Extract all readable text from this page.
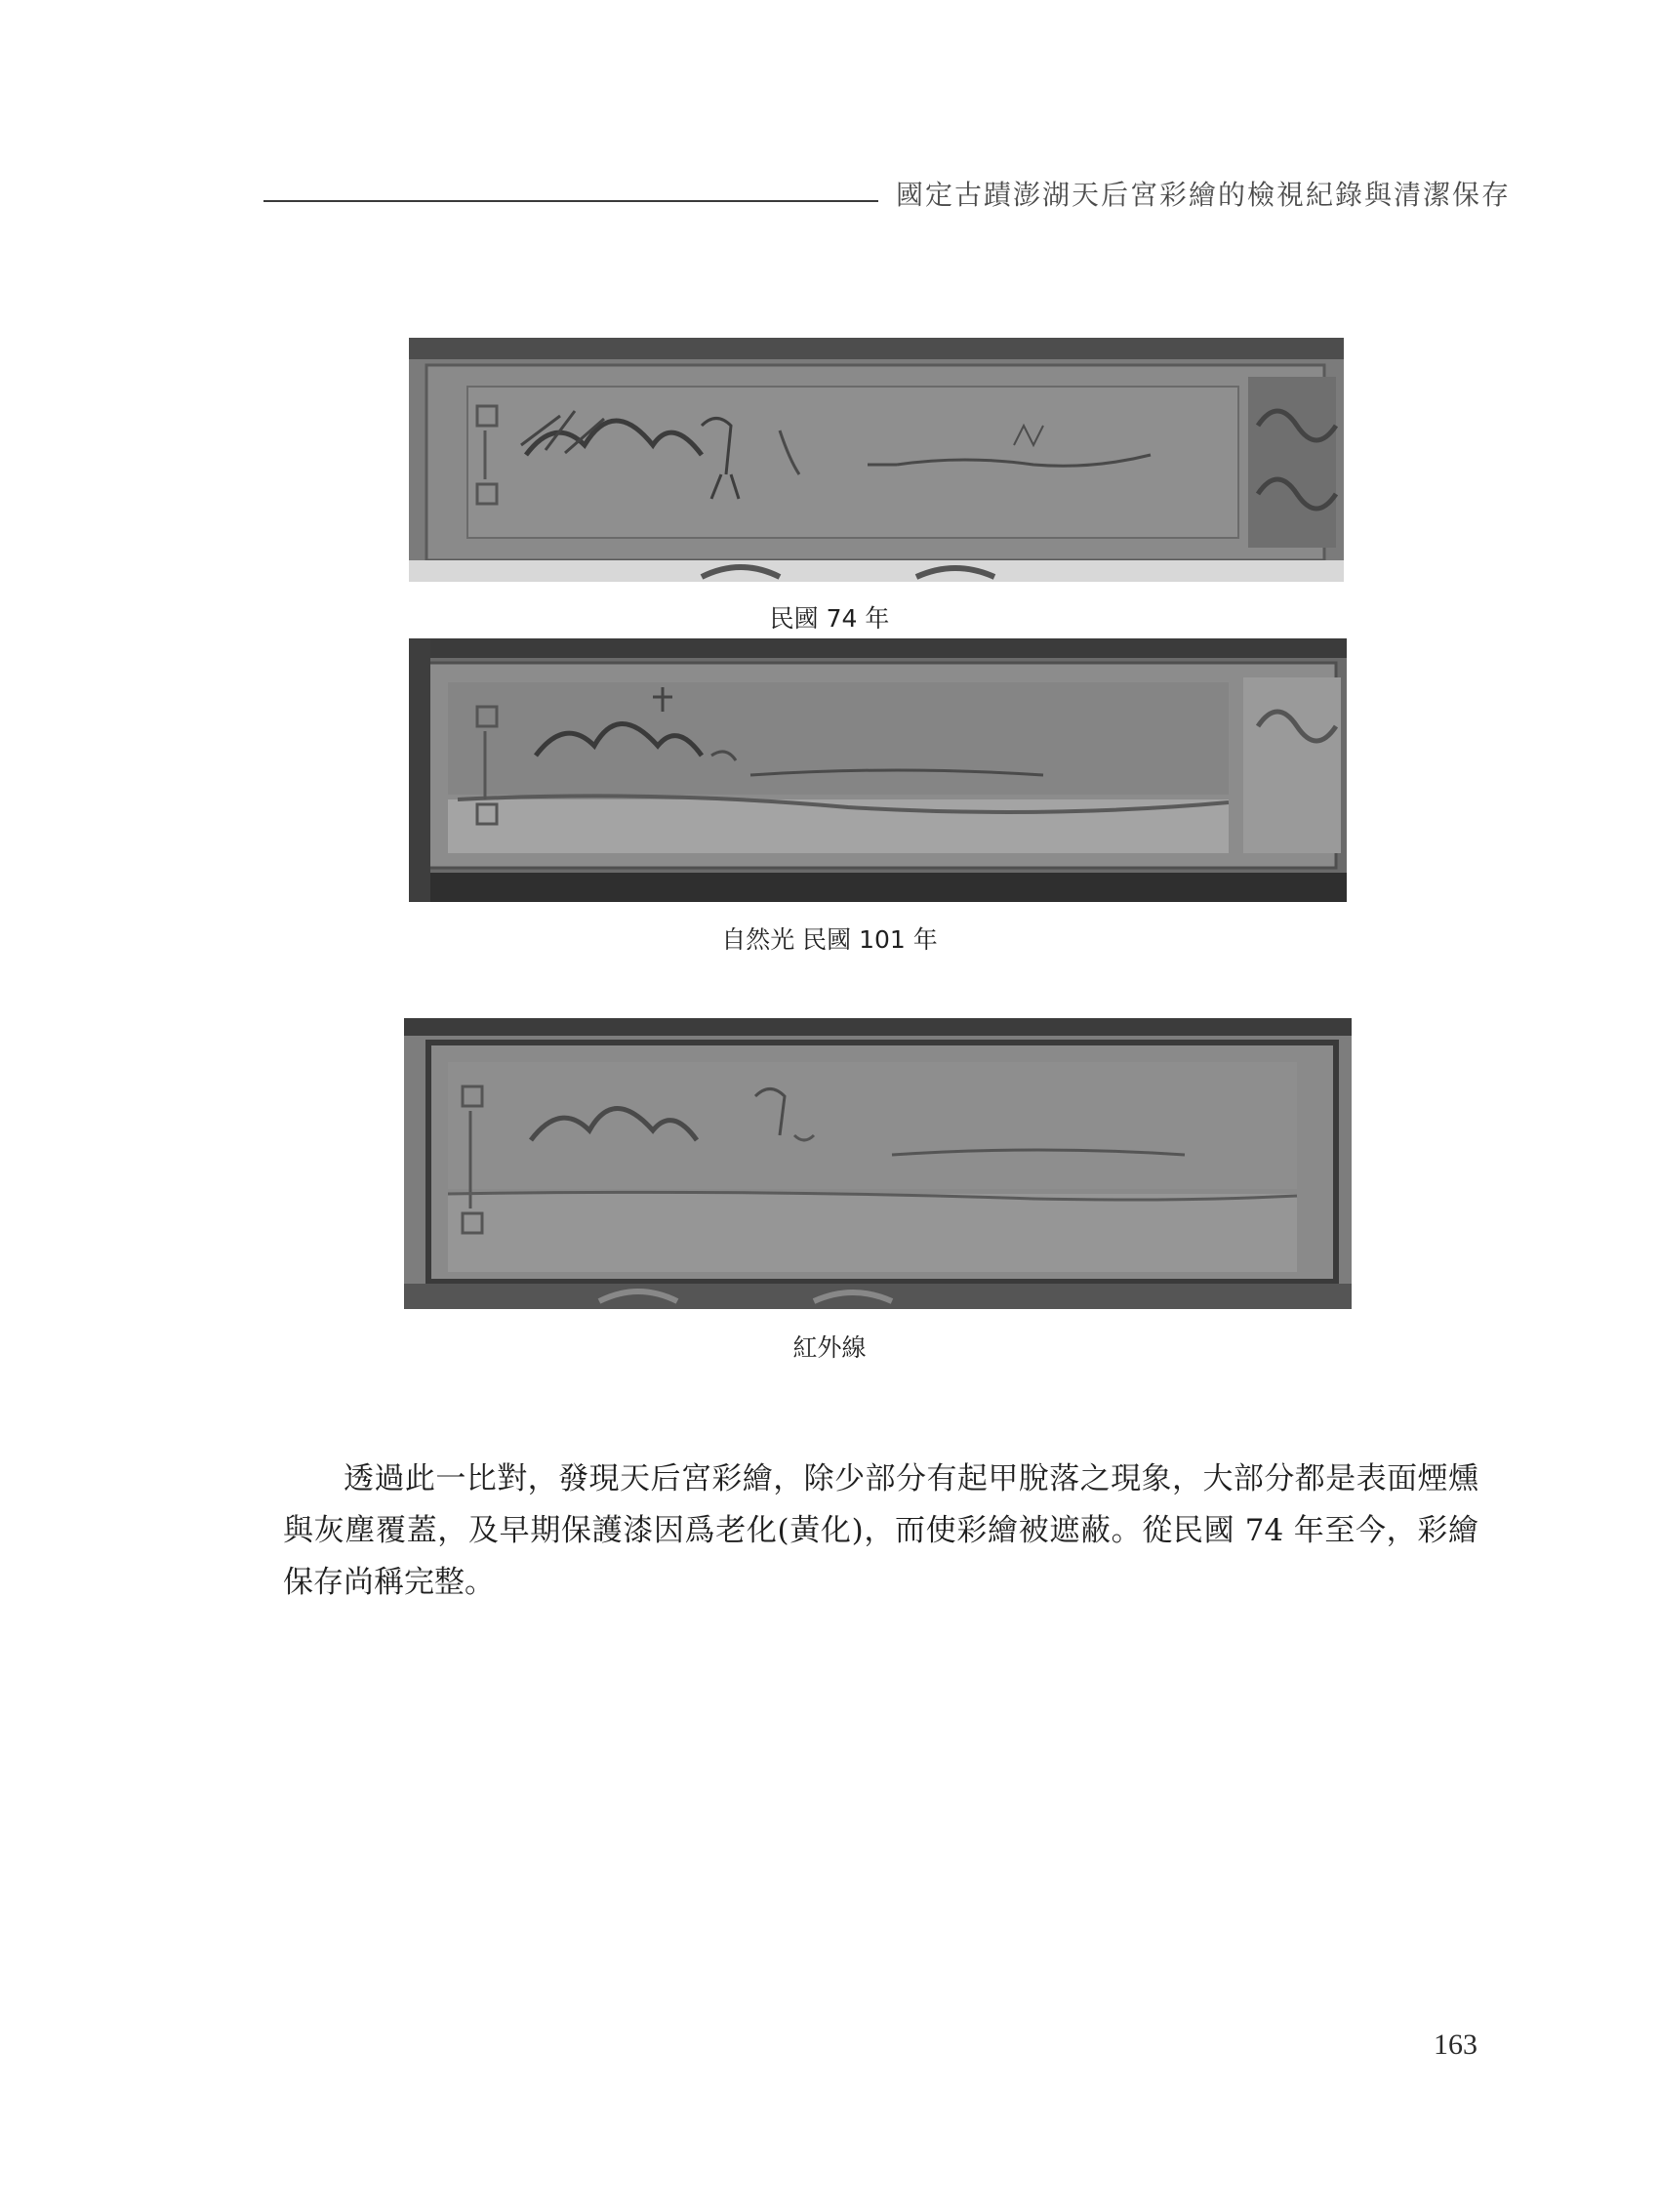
國定古蹟澎湖天后宮彩繪的檢視紀錄與清潔保存
民國 74 年
自然光 民國 101 年
紅外線

透過此一比對，發現天后宮彩繪，除少部分有起甲脫落之現象，大部分都是表面煙燻與灰塵覆蓋，及早期保護漆因爲老化(黃化)，而使彩繪被遮蔽。從民國 74 年至今，彩繪保存尚稱完整。

163
